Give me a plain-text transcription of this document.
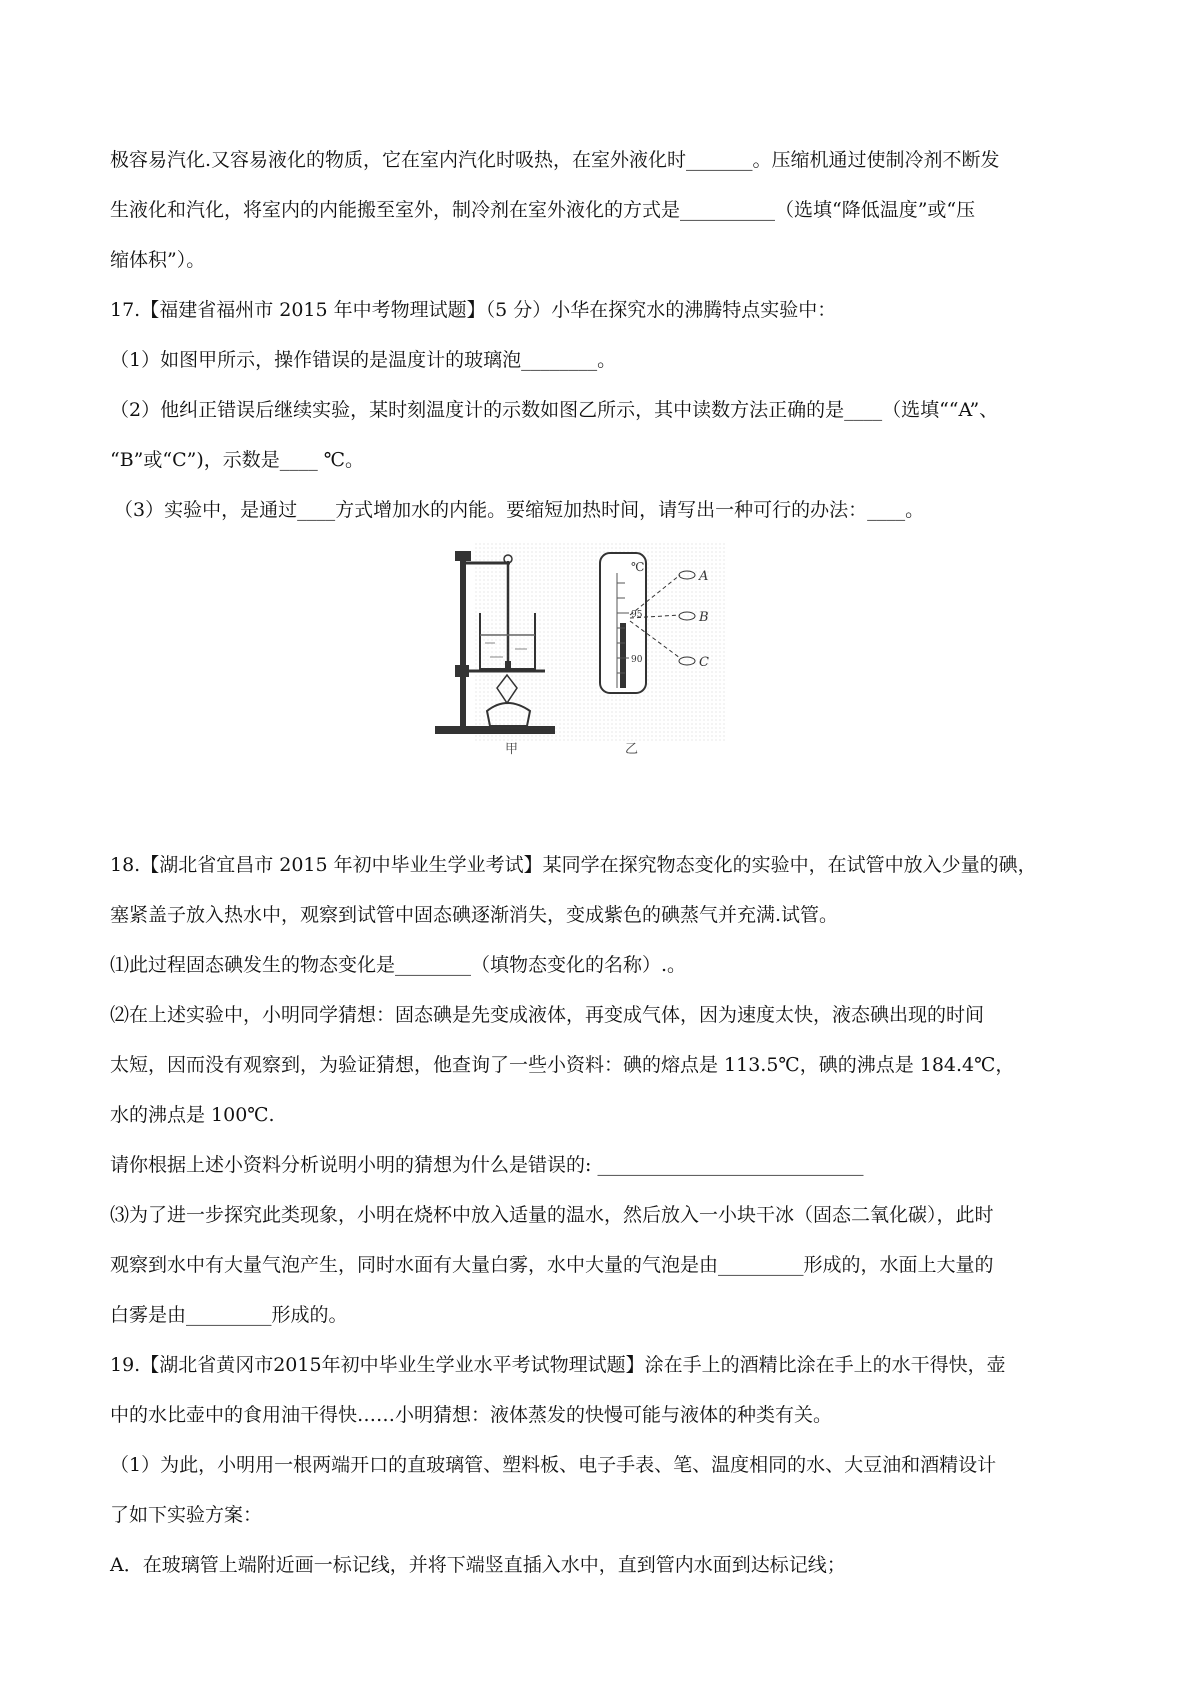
极容易汽化.又容易液化的物质，它在室内汽化时吸热，在室外液化时_______。压缩机通过使制冷剂不断发
生液化和汽化，将室内的内能搬至室外，制冷剂在室外液化的方式是__________（选填“降低温度”或“压
缩体积”）。
17.【福建省福州市 2015 年中考物理试题】（5 分）小华在探究水的沸腾特点实验中：
（1）如图甲所示，操作错误的是温度计的玻璃泡________。
（2）他纠正错误后继续实验，某时刻温度计的示数如图乙所示，其中读数方法正确的是____（选填““A”、
“B”或“C”)，示数是____ ℃。
（3）实验中，是通过____方式增加水的内能。要缩短加热时间，请写出一种可行的办法：____。
甲
℃
95
90
A
B
C
乙
18.【湖北省宜昌市 2015 年初中毕业生学业考试】某同学在探究物态变化的实验中，在试管中放入少量的碘，
塞紧盖子放入热水中，观察到试管中固态碘逐渐消失，变成紫色的碘蒸气并充满.试管。
⑴此过程固态碘发生的物态变化是________（填物态变化的名称）.。
⑵在上述实验中，小明同学猜想：固态碘是先变成液体，再变成气体，因为速度太快，液态碘出现的时间
太短，因而没有观察到，为验证猜想，他查询了一些小资料：碘的熔点是 113.5℃，碘的沸点是 184.4℃，
水的沸点是 100℃.
请你根据上述小资料分析说明小明的猜想为什么是错误的: ____________________________
⑶为了进一步探究此类现象，小明在烧杯中放入适量的温水，然后放入一小块干冰（固态二氧化碳），此时
观察到水中有大量气泡产生，同时水面有大量白雾，水中大量的气泡是由_________形成的，水面上大量的
白雾是由_________形成的。
19.【湖北省黄冈市2015年初中毕业生学业水平考试物理试题】涂在手上的酒精比涂在手上的水干得快，壶
中的水比壶中的食用油干得快……小明猜想：液体蒸发的快慢可能与液体的种类有关。
（1）为此，小明用一根两端开口的直玻璃管、塑料板、电子手表、笔、温度相同的水、大豆油和酒精设计
了如下实验方案：
A．在玻璃管上端附近画一标记线，并将下端竖直插入水中，直到管内水面到达标记线；
